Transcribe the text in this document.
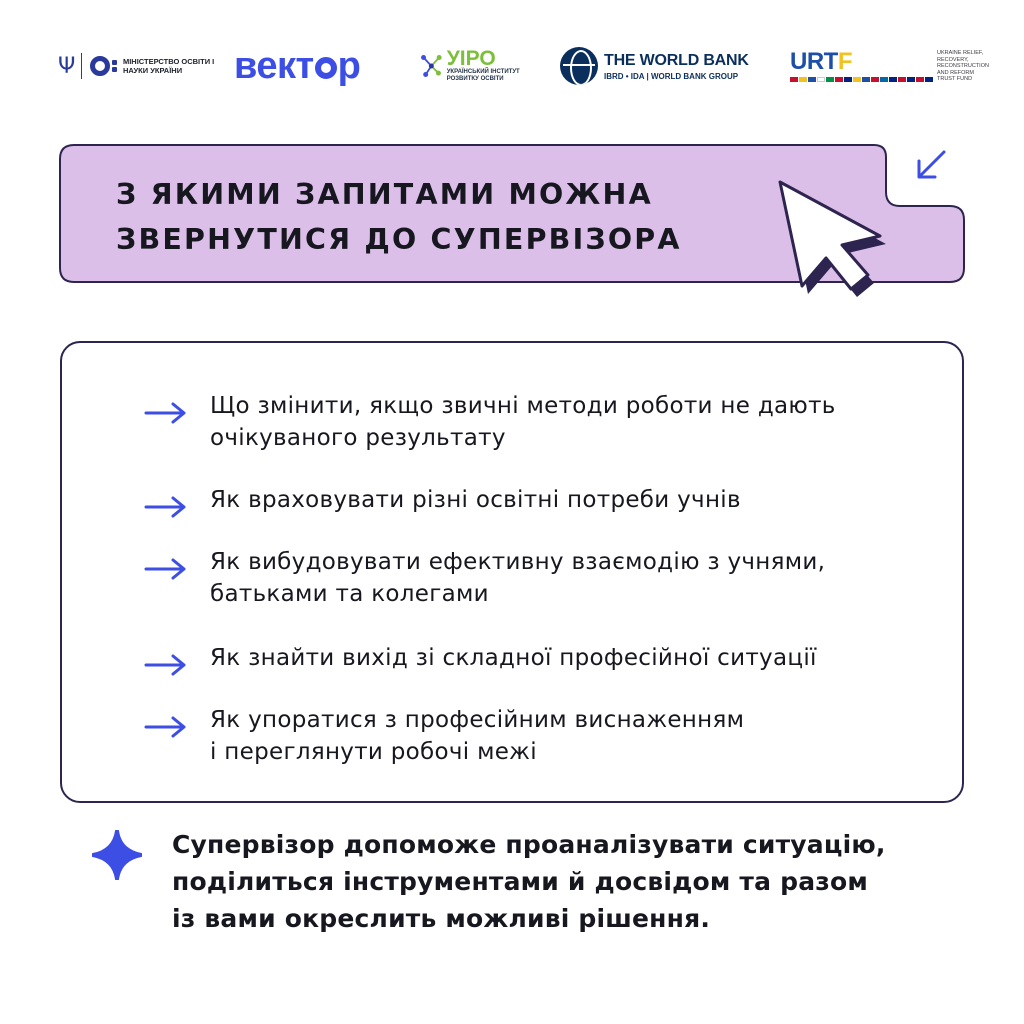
Ψ	МІНІСТЕРСТВО ОСВІТИ І НАУКИ УКРАЇНИ	вект р	УІРО
УКРАЇНСЬКИЙ ІНСТИТУТ РОЗВИТКУ ОСВІТИ
THE WORLD BANK
IBRD • IDA | WORLD BANK GROUP
URTF	UKRAINE RELIEF, RECOVERY, RECONSTRUCTION AND REFORM TRUST FUND
З ЯКИМИ ЗАПИТАМИ МОЖНА
ЗВЕРНУТИСЯ ДО СУПЕРВІЗОРА
Що змінити, якщо звичні методи роботи не дають
очікуваного результату
Як враховувати різні освітні потреби учнів
Як вибудовувати ефективну взаємодію з учнями,
батьками та колегами
Як знайти вихід зі складної професійної ситуації
Як упоратися з професійним виснаженням
і переглянути робочі межі

Супервізор допоможе проаналізувати ситуацію,
поділиться інструментами й досвідом та разом
із вами окреслить можливі рішення.
